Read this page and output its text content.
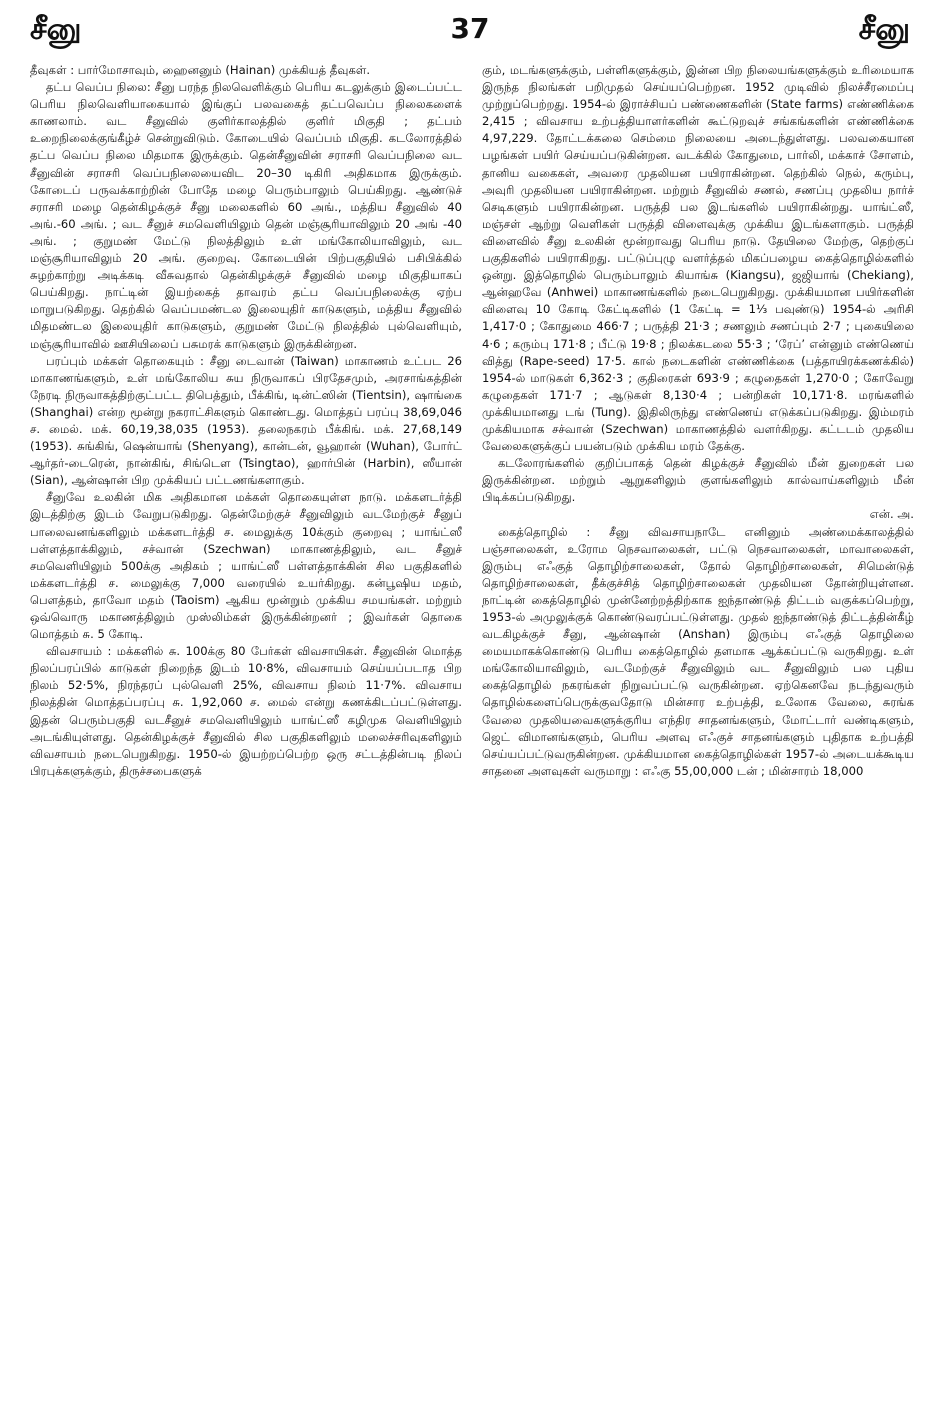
சீனு	37	சீனு

தீவுகள் : பார்மோசாவும், ஹைனனும் (Hainan) முக்கியத் தீவுகள்.

தட்ப வெப்ப நிலை: சீனு பரந்த நிலவெளிக்கும் பெரிய கடலுக்கும் இடைப்பட்ட பெரிய நிலவெளியாகையால் இங்குப் பலவகைத் தட்பவெப்ப நிலைகளைக் காணலாம். வட சீனுவில் குளிர்காலத்தில் குளிர் மிகுதி ; தட்பம் உறைநிலைக்குங்கீழ்ச் சென்றுவிடும். கோடையில் வெப்பம் மிகுதி. கடலோரத்தில் தட்ப வெப்ப நிலை மிதமாக இருக்கும். தென்சீனுவின் சராசரி வெப்பநிலை வட சீனுவின் சராசரி வெப்பநிலையைவிட 20–30 டிகிரி அதிகமாக இருக்கும். கோடைப் பருவக்காற்றின் போதே மழை பெரும்பாலும் பெய்கிறது. ஆண்டுச் சராசரி மழை தென்கிழக்குச் சீனு மலைகளில் 60 அங்., மத்திய சீனுவில் 40 அங்.-60 அங். ; வட சீனுச் சமவெளியிலும் தென் மஞ்சூரியாவிலும் 20 அங் -40 அங். ; குறுமண் மேட்டு நிலத்திலும் உள் மங்கோலியாவிலும், வட மஞ்சூரியாவிலும் 20 அங். குறைவு. கோடையின் பிற்பகுதியில் பசிபிக்கில் சுழற்காற்று அடிக்கடி வீசுவதால் தென்கிழக்குச் சீனுவில் மழை மிகுதியாகப் பெய்கிறது. நாட்டின் இயற்கைத் தாவரம் தட்ப வெப்பநிலைக்கு ஏற்ப மாறுபடுகிறது. தெற்கில் வெப்பமண்டல இலையுதிர் காடுகளும், மத்திய சீனுவில் மிதமண்டல இலையுதிர் காடுகளும், குறுமண் மேட்டு நிலத்தில் புல்வெளியும், மஞ்சூரியாவில் ஊசியிலைப் பசுமரக் காடுகளும் இருக்கின்றன.

பரப்பும் மக்கள் தொகையும் : சீனு டைவான் (Taiwan) மாகாணம் உட்பட 26 மாகாணங்களும், உள் மங்கோலிய சுய நிருவாகப் பிரதேசமும், அரசாங்கத்தின் நேரடி நிருவாகத்திற்குட்பட்ட திபெத்தும், பீக்கிங், டின்ட்ஸின் (Tientsin), ஷாங்கை (Shanghai) என்ற மூன்று நகராட்சிகளும் கொண்டது. மொத்தப் பரப்பு 38,69,046 ச. மைல். மக். 60,19,38,035 (1953). தலைநகரம் பீக்கிங். மக். 27,68,149 (1953). சுங்கிங், ஷென்யாங் (Shenyang), கான்டன், வூஹான் (Wuhan), போர்ட் ஆர்தர்-டைரென், நான்கிங், சிங்டௌ (Tsingtao), ஹார்பின் (Harbin), ஸீயான் (Sian), ஆன்ஷான் பிற முக்கியப் பட்டணங்களாகும்.

சீனுவே உலகின் மிக அதிகமான மக்கள் தொகையுள்ள நாடு. மக்களடர்த்தி இடத்திற்கு இடம் வேறுபடுகிறது. தென்மேற்குச் சீனுவிலும் வடமேற்குச் சீனுப் பாலைவனங்களிலும் மக்களடர்த்தி ச. மைலுக்கு 10க்கும் குறைவு ; யாங்ட்ஸீ பள்ளத்தாக்கிலும், சச்வான் (Szechwan) மாகாணத்திலும், வட சீனுச் சமவெளியிலும் 500க்கு அதிகம் ; யாங்ட்ஸீ பள்ளத்தாக்கின் சில பகுதிகளில் மக்களடர்த்தி ச. மைலுக்கு 7,000 வரையில் உயர்கிறது. கன்பூஷிய மதம், பௌத்தம், தாவோ மதம் (Taoism) ஆகிய மூன்றும் முக்கிய சமயங்கள். மற்றும் ஒவ்வொரு மகாணத்திலும் முஸ்லிம்கள் இருக்கின்றனர் ; இவர்கள் தொகை மொத்தம் சு. 5 கோடி.

விவசாயம் : மக்களில் சு. 100க்கு 80 பேர்கள் விவசாயிகள். சீனுவின் மொத்த நிலப்பரப்பில் காடுகள் நிறைந்த இடம் 10·8%, விவசாயம் செய்யப்படாத பிற நிலம் 52·5%, நிரந்தரப் புல்வெளி 25%, விவசாய நிலம் 11·7%. விவசாய நிலத்தின் மொத்தப்பரப்பு சு. 1,92,060 ச. மைல் என்று கணக்கிடப்பட்டுள்ளது. இதன் பெரும்பகுதி வடசீனுச் சமவெளியிலும் யாங்ட்ஸீ கழிமுக வெளியிலும் அடங்கியுள்ளது. தென்கிழக்குச் சீனுவில் சில பகுதிகளிலும் மலைச்சரிவுகளிலும் விவசாயம் நடைபெறுகிறது. 1950-ல் இயற்றப்பெற்ற ஒரு சட்டத்தின்படி நிலப் பிரபுக்களுக்கும், திருச்சபைகளுக்

கும், மடங்களுக்கும், பள்ளிகளுக்கும், இன்ன பிற நிலையங்களுக்கும் உரிமையாக இருந்த நிலங்கள் பறிமுதல் செய்யப்பெற்றன. 1952 முடிவில் நிலச்சீரமைப்பு முற்றுப்பெற்றது. 1954-ல் இராச்சியப் பண்ணைகளின் (State farms) எண்ணிக்கை 2,415 ; விவசாய உற்பத்தியாளர்களின் கூட்டுறவுச் சங்கங்களின் எண்ணிக்கை 4,97,229. தோட்டக்கலை செம்மை நிலையை அடைந்துள்ளது. பலவகையான பழங்கள் பயிர் செய்யப்படுகின்றன. வடக்கில் கோதுமை, பார்லி, மக்காச் சோளம், தானிய வகைகள், அவரை முதலியன பயிராகின்றன. தெற்கில் நெல், கரும்பு, அவுரி முதலியன பயிராகின்றன. மற்றும் சீனுவில் சணல், சணப்பு முதலிய நார்ச் செடிகளும் பயிராகின்றன. பருத்தி பல இடங்களில் பயிராகின்றது. யாங்ட்ஸீ, மஞ்சள் ஆற்று வெளிகள் பருத்தி விளைவுக்கு முக்கிய இடங்களாகும். பருத்தி விளைவில் சீனு உலகின் மூன்றாவது பெரிய நாடு. தேயிலை மேற்கு, தெற்குப் பகுதிகளில் பயிராகிறது. பட்டுப்புழு வளர்த்தல் மிகப்பழைய கைத்தொழில்களில் ஒன்று. இத்தொழில் பெரும்பாலும் கியாங்சு (Kiangsu), ஜஜியாங் (Chekiang), ஆன்ஹவே (Anhwei) மாகாணங்களில் நடைபெறுகிறது. முக்கியமான பயிர்களின் விளைவு 10 கோடி கேட்டிகளில் (1 கேட்டி = 1⅓ பவுண்டு) 1954-ல் அரிசி 1,417·0 ; கோதுமை 466·7 ; பருத்தி 21·3 ; சணலும் சணப்பும் 2·7 ; புகையிலை 4·6 ; கரும்பு 171·8 ; பீட்டு 19·8 ; நிலக்கடலை 55·3 ; ‘ரேப்’ என்னும் எண்ணெய் வித்து (Rape-seed) 17·5. கால் நடைகளின் எண்ணிக்கை (பத்தாயிரக்கணக்கில்) 1954-ல் மாடுகள் 6,362·3 ; குதிரைகள் 693·9 ; கழுதைகள் 1,270·0 ; கோவேறு கழுதைகள் 171·7 ; ஆடுகள் 8,130·4 ; பன்றிகள் 10,171·8. மரங்களில் முக்கியமானது டங் (Tung). இதிலிருந்து எண்ணெய் எடுக்கப்படுகிறது. இம்மரம் முக்கியமாக சச்வான் (Szechwan) மாகாணத்தில் வளர்கிறது. கட்டடம் முதலிய வேலைகளுக்குப் பயன்படும் முக்கிய மரம் தேக்கு.

கடலோரங்களில் குறிப்பாகத் தென் கிழக்குச் சீனுவில் மீன் துறைகள் பல இருக்கின்றன. மற்றும் ஆறுகளிலும் குளங்களிலும் கால்வாய்களிலும் மீன் பிடிக்கப்படுகிறது.

என். அ.

கைத்தொழில் : சீனு விவசாயநாடே எனினும் அண்மைக்காலத்தில் பஞ்சாலைகள், உரோம நெசவாலைகள், பட்டு நெசவாலைகள், மாவாலைகள், இரும்பு எஃகுத் தொழிற்சாலைகள், தோல் தொழிற்சாலைகள், சிமென்டுத் தொழிற்சாலைகள், தீக்குச்சித் தொழிற்சாலைகள் முதலியன தோன்றியுள்ளன. நாட்டின் கைத்தொழில் முன்னேற்றத்திற்காக ஐந்தாண்டுத் திட்டம் வகுக்கப்பெற்று, 1953-ல் அமுலுக்குக் கொண்டுவரப்பட்டுள்ளது. முதல் ஐந்தாண்டுத் திட்டத்தின்கீழ் வடகிழக்குச் சீனு, ஆன்ஷான் (Anshan) இரும்பு எஃகுத் தொழிலை மையமாகக்கொண்டு பெரிய கைத்தொழில் தளமாக ஆக்கப்பட்டு வருகிறது. உள் மங்கோலியாவிலும், வடமேற்குச் சீனுவிலும் வட சீனுவிலும் பல புதிய கைத்தொழில் நகரங்கள் நிறுவப்பட்டு வருகின்றன. ஏற்கெனவே நடந்துவரும் தொழில்களைப்பெருக்குவதோடு மின்சார உற்பத்தி, உலோக வேலை, சுரங்க வேலை முதலியவைகளுக்குரிய எந்திர சாதனங்களும், மோட்டார் வண்டிகளும், ஜெட் விமானங்களும், பெரிய அளவு எஃகுச் சாதனங்களும் புதிதாக உற்பத்தி செய்யப்பட்டுவருகின்றன. முக்கியமான கைத்தொழில்கள் 1957-ல் அடையக்கூடிய சாதனை அளவுகள் வருமாறு : எஃகு 55,00,000 டன் ; மின்சாரம் 18,000
